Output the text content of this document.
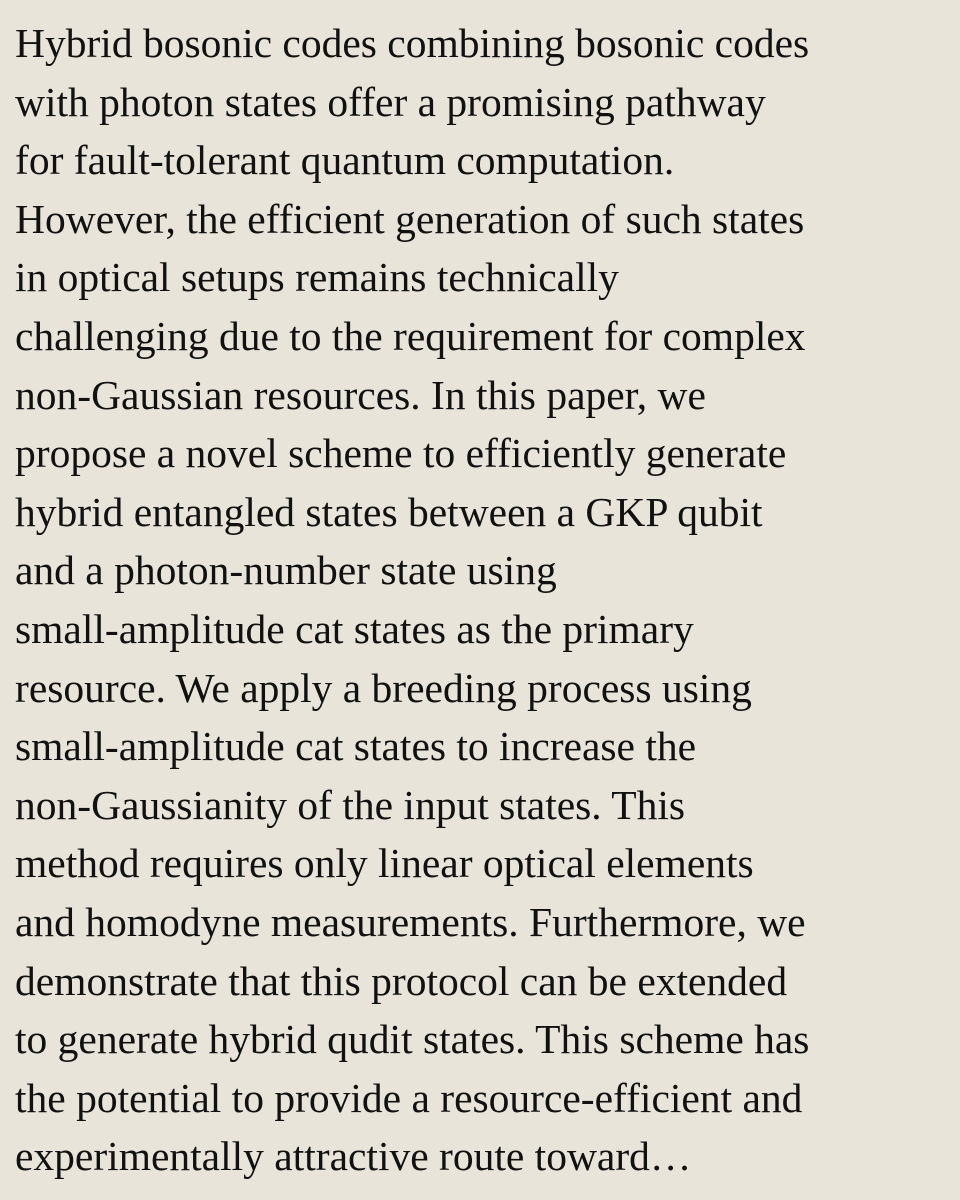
Hybrid bosonic codes combining bosonic codes
with photon states offer a promising pathway
for fault-tolerant quantum computation.
However, the efficient generation of such states
in optical setups remains technically
challenging due to the requirement for complex
non-Gaussian resources. In this paper, we
propose a novel scheme to efficiently generate
hybrid entangled states between a GKP qubit
and a photon-number state using
small-amplitude cat states as the primary
resource. We apply a breeding process using
small-amplitude cat states to increase the
non-Gaussianity of the input states. This
method requires only linear optical elements
and homodyne measurements. Furthermore, we
demonstrate that this protocol can be extended
to generate hybrid qudit states. This scheme has
the potential to provide a resource-efficient and
experimentally attractive route toward…
